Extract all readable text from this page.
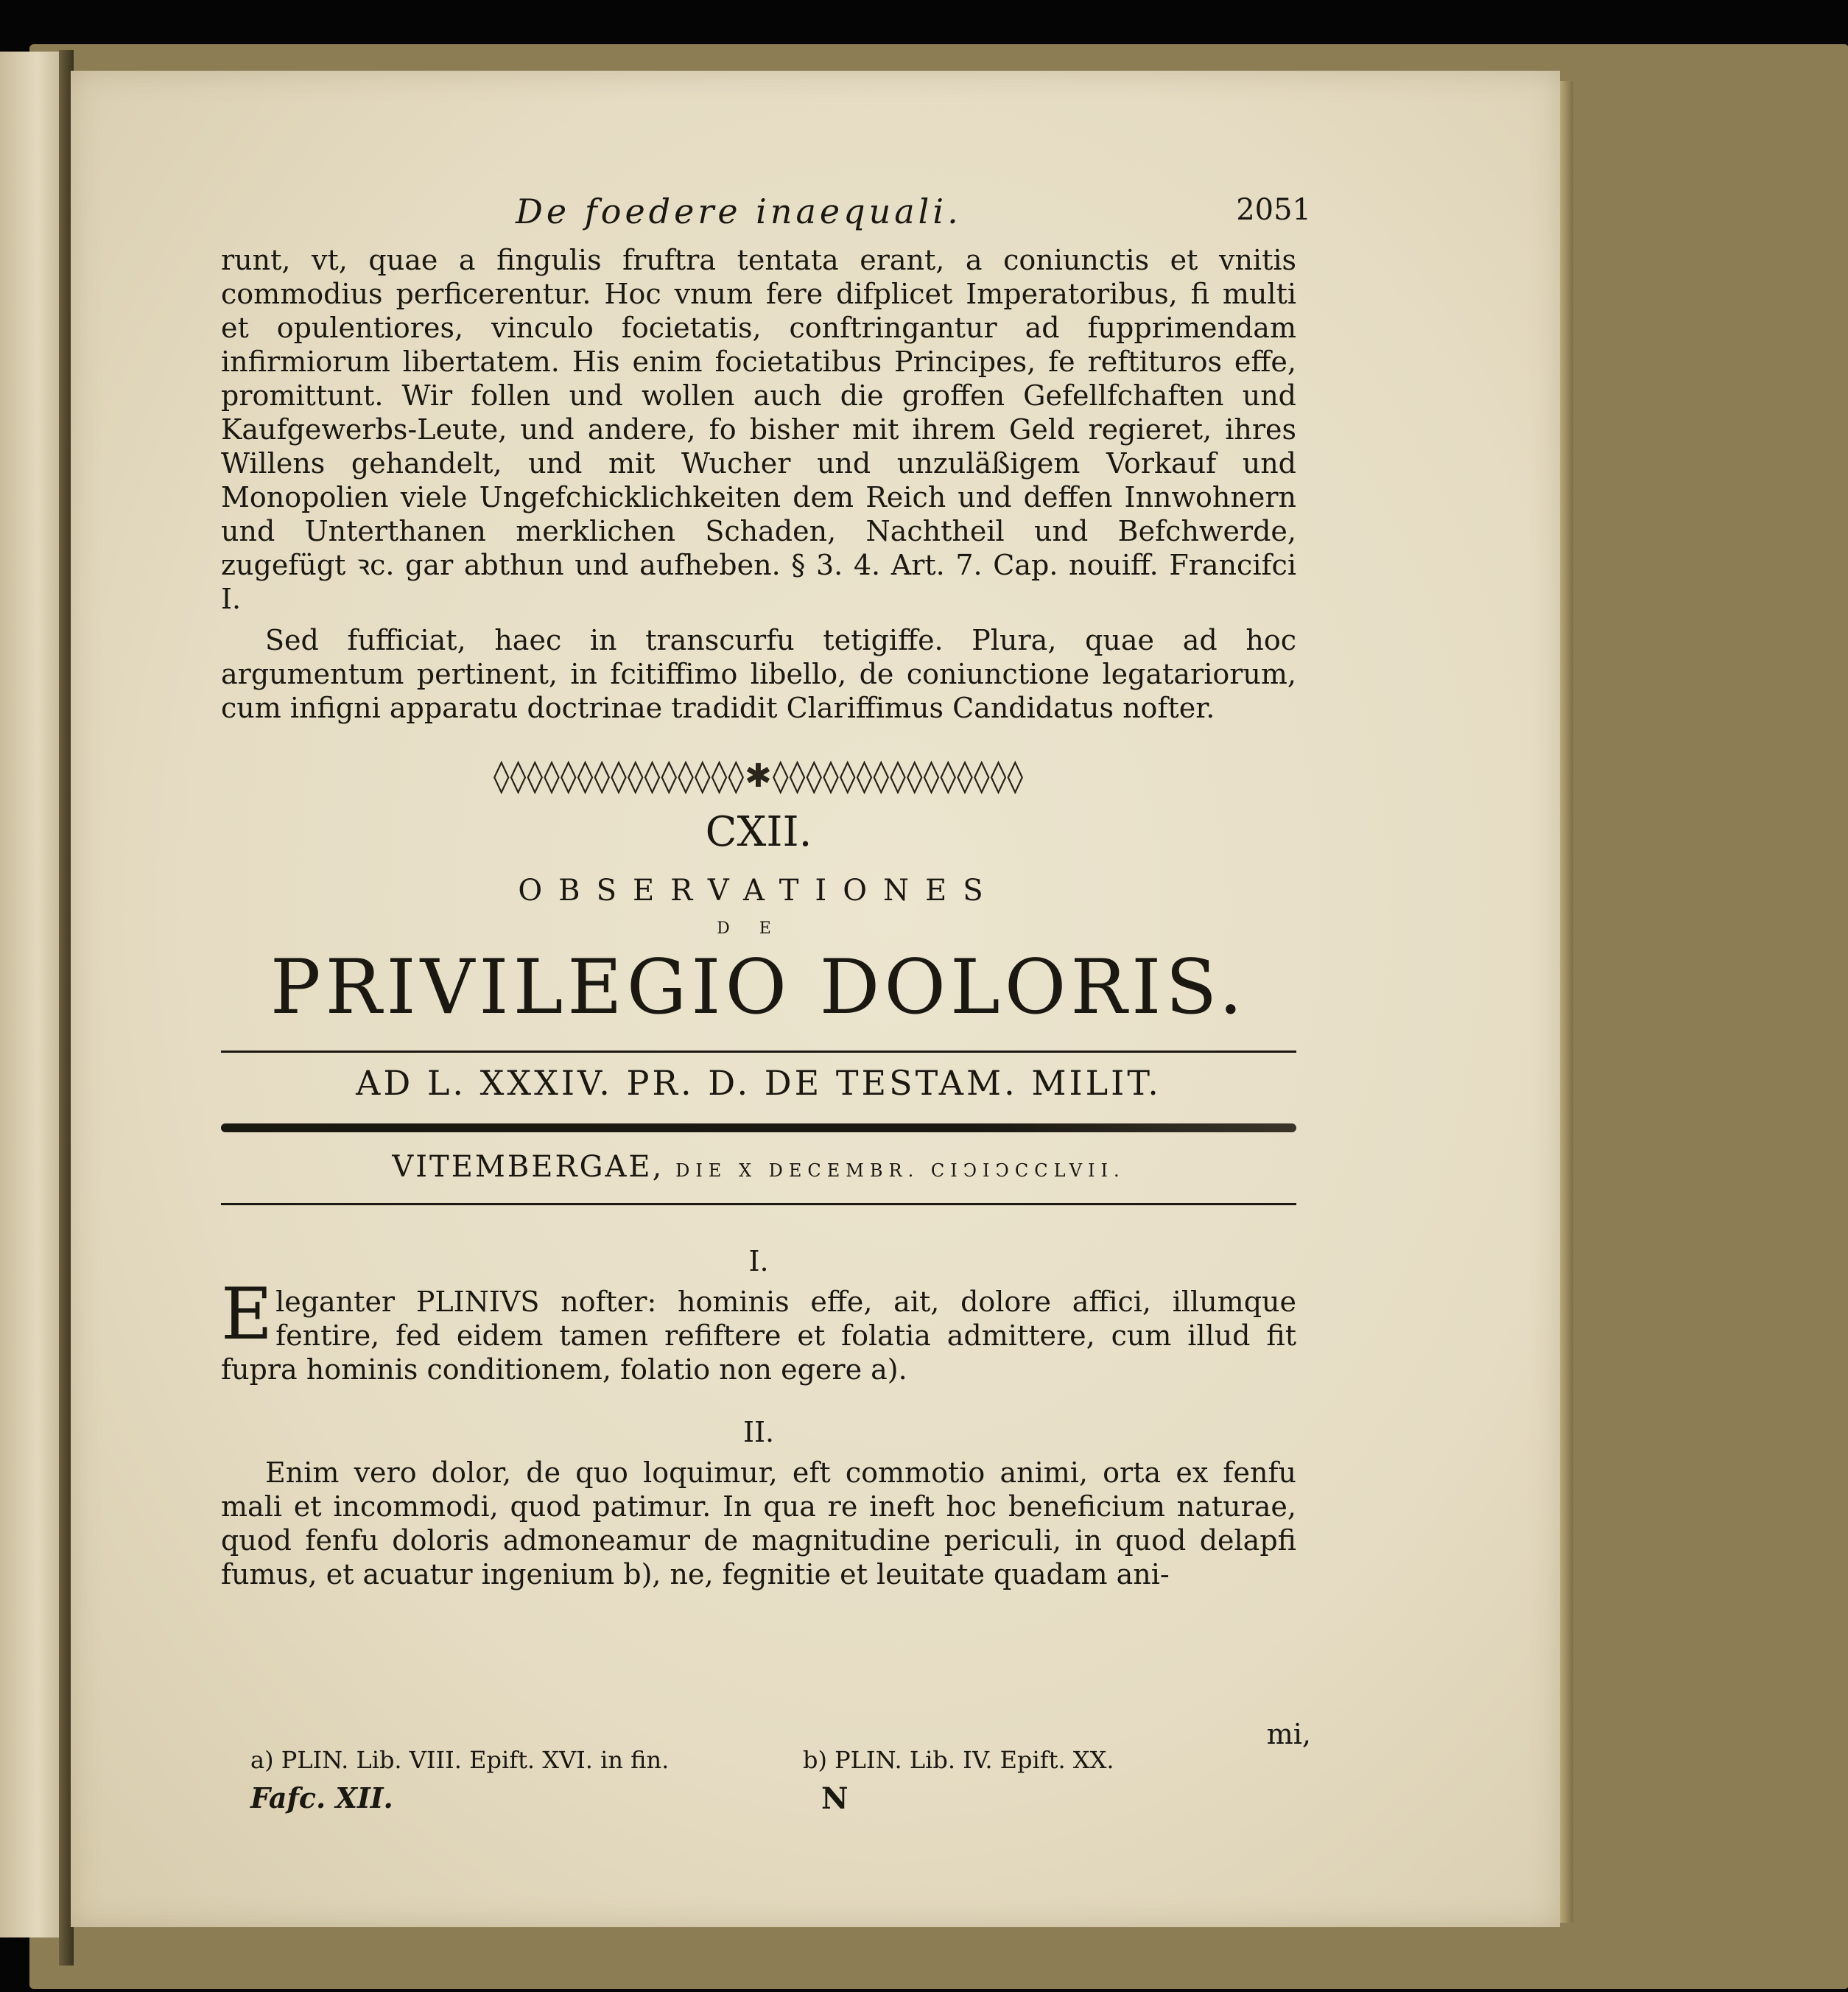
De foedere inaequali.	2051

runt, vt, quae a fingulis fruftra tentata erant, a coniunctis et vnitis commodius perficerentur. Hoc vnum fere difplicet Imperatoribus, fi multi et opulentiores, vinculo focietatis, conftringantur ad fupprimendam infirmiorum libertatem. His enim focietatibus Principes, fe reftituros effe, promittunt. Wir follen und wollen auch die groffen Gefellfchaften und Kaufgewerbs-Leute, und andere, fo bisher mit ihrem Geld regieret, ihres Willens gehandelt, und mit Wucher und unzuläßigem Vorkauf und Monopolien viele Ungefchicklichkeiten dem Reich und deffen Innwohnern und Unterthanen merklichen Schaden, Nachtheil und Befchwerde, zugefügt ꝛc. gar abthun und aufheben. § 3. 4. Art. 7. Cap. nouiff. Francifci I.

Sed fufficiat, haec in transcurfu tetigiffe. Plura, quae ad hoc argumentum pertinent, in fcitiffimo libello, de coniunctione legatariorum, cum infigni apparatu doctrinae tradidit Clariffimus Candidatus nofter.

◊◊◊◊◊◊◊◊◊◊◊◊◊◊◊✱◊◊◊◊◊◊◊◊◊◊◊◊◊◊◊

CXII.

OBSERVATIONES

DE

PRIVILEGIO DOLORIS.

AD L. XXXIV. PR. D. DE TESTAM. MILIT.

VITEMBERGAE, DIE X DECEMBR. CIↃIↃCCLVII.

I.

E leganter PLINIVS nofter: hominis effe, ait, dolore affici, illumque fentire, fed eidem tamen refiftere et folatia admittere, cum illud fit fupra hominis conditionem, folatio non egere a).

II.

Enim vero dolor, de quo loquimur, eft commotio animi, orta ex fenfu mali et incommodi, quod patimur. In qua re ineft hoc beneficium naturae, quod fenfu doloris admoneamur de magnitudine periculi, in quod delapfi fumus, et acuatur ingenium b), ne, fegnitie et leuitate quadam ani-

mi,
a) PLIN. Lib. VIII. Epift. XVI. in fin.	b) PLIN. Lib. IV. Epift. XX.
Fafc. XII.	N
